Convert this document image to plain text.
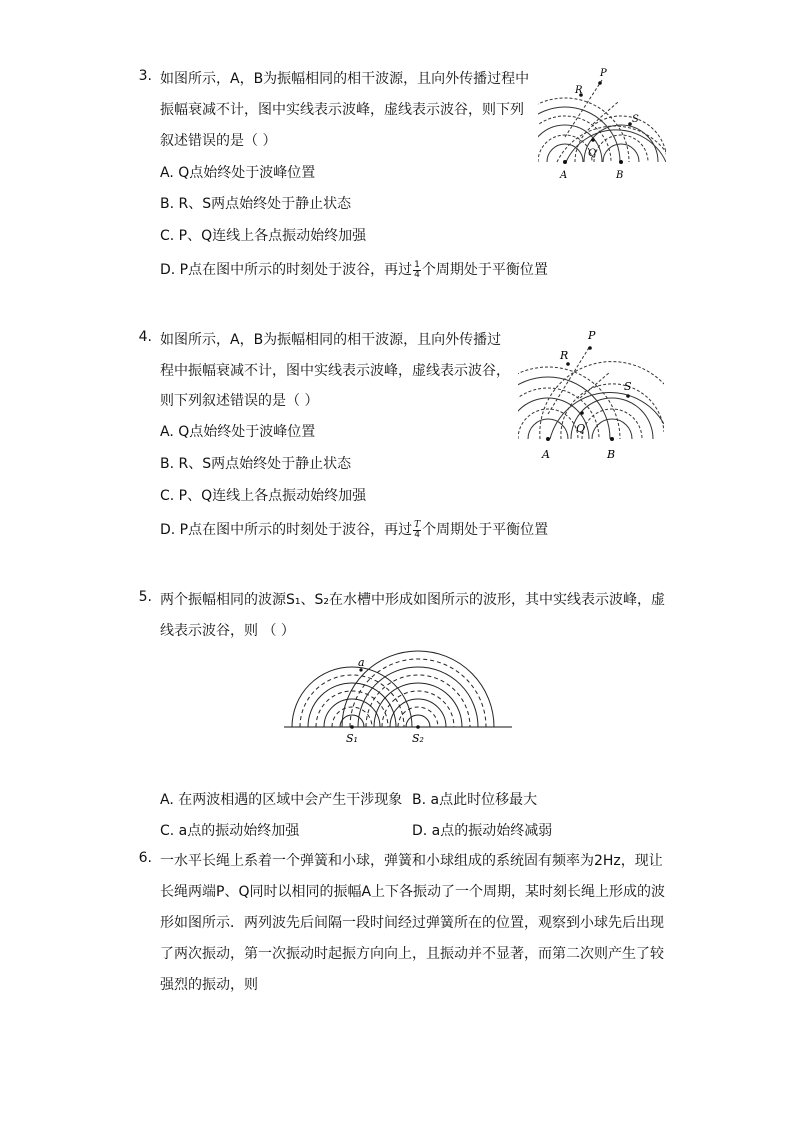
3. 如图所示，A，B为振幅相同的相干波源，且向外传播过程中
振幅衰减不计，图中实线表示波峰，虚线表示波谷，则下列
叙述错误的是（ ）
A. Q点始终处于波峰位置
B. R、S两点始终处于静止状态
C. P、Q连线上各点振动始终加强
D. P点在图中所示的时刻处于波谷，再过 $\frac{1}{4}$ 个周期处于平衡位置
P
R
S
Q
A	B
4. 如图所示，A，B为振幅相同的相干波源，且向外传播过
程中振幅衰减不计，图中实线表示波峰，虚线表示波谷，
则下列叙述错误的是（ ）
A. Q点始终处于波峰位置
B. R、S两点始终处于静止状态
C. P、Q连线上各点振动始终加强
D. P点在图中所示的时刻处于波谷，再过 $\frac{T}{4}$ 个周期处于平衡位置
P
R
S
Q
A	B
5. 两个振幅相同的波源S₁、S₂在水槽中形成如图所示的波形，其中实线表示波峰，虚
线表示波谷，则 （ ）
a
S₁	S₂
A. 在两波相遇的区域中会产生干涉现象 B. a点此时位移最大
C. a点的振动始终加强	D. a点的振动始终减弱
6. 一水平长绳上系着一个弹簧和小球，弹簧和小球组成的系统固有频率为2Hz，现让
长绳两端P、Q同时以相同的振幅A上下各振动了一个周期，某时刻长绳上形成的波
形如图所示．两列波先后间隔一段时间经过弹簧所在的位置，观察到小球先后出现
了两次振动，第一次振动时起振方向向上，且振动并不显著，而第二次则产生了较
强烈的振动，则
